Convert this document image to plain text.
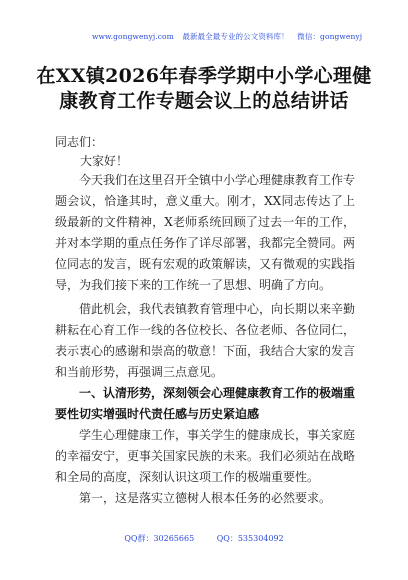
www.gongwenyj.com 最新最全最专业的公文资料库！ 微信：gongwenyj
在XX镇2026年春季学期中小学心理健
康教育工作专题会议上的总结讲话
同志们：
大家好！
今天我们在这里召开全镇中小学心理健康教育工作专题会议，恰逢其时，意义重大。刚才，XX同志传达了上级最新的文件精神，X老师系统回顾了过去一年的工作，并对本学期的重点任务作了详尽部署，我都完全赞同。两位同志的发言，既有宏观的政策解读，又有微观的实践指导，为我们接下来的工作统一了思想、明确了方向。
借此机会，我代表镇教育管理中心，向长期以来辛勤耕耘在心育工作一线的各位校长、各位老师、各位同仁，表示衷心的感谢和崇高的敬意！下面，我结合大家的发言和当前形势，再强调三点意见。
一、认清形势，深刻领会心理健康教育工作的极端重要性切实增强时代责任感与历史紧迫感
学生心理健康工作，事关学生的健康成长，事关家庭的幸福安宁，更事关国家民族的未来。我们必须站在战略和全局的高度，深刻认识这项工作的极端重要性。
第一，这是落实立德树人根本任务的必然要求。
QQ群：30265665	QQ：535304092
